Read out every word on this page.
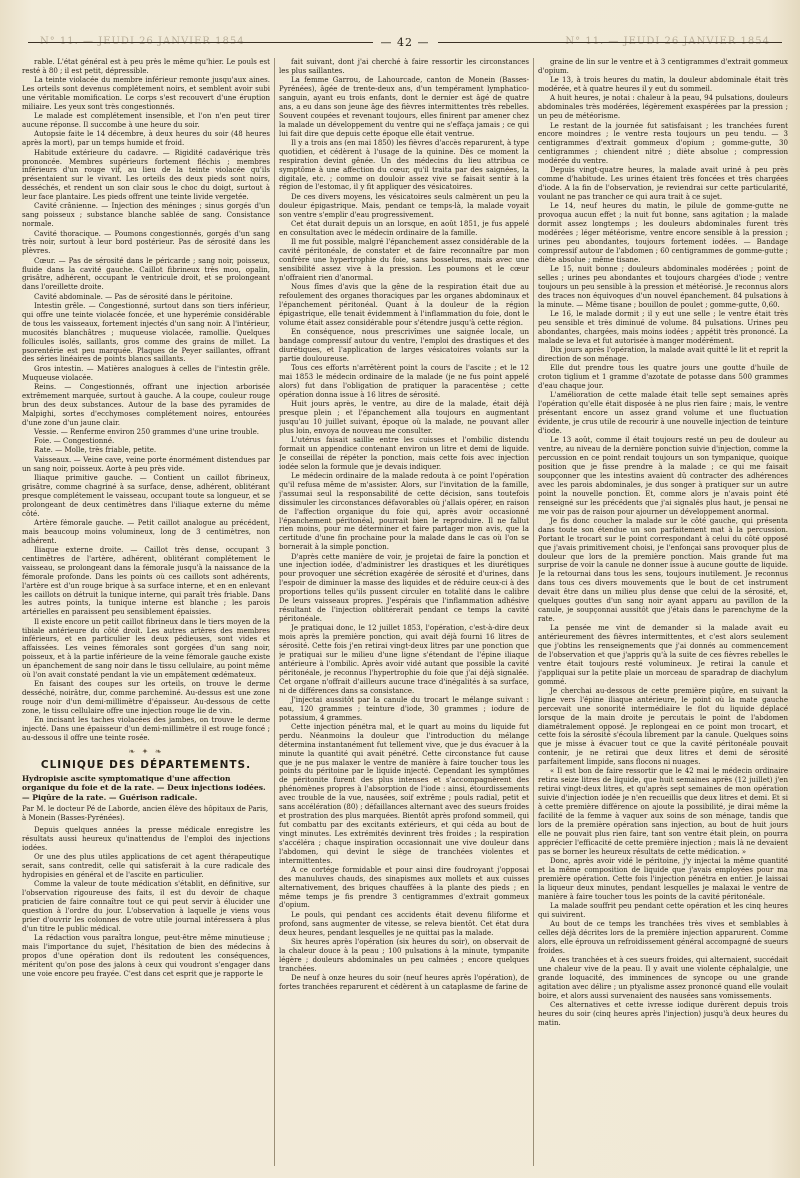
N° 11. — JEUDI 26 JANVIER 1854	N° 11. — JEUDI 26 JANVIER 1854
— 42 —

rable. L'état général est à peu près le même qu'hier. Le pouls est resté à 80 ; il est petit, dépressible.

La teinte violacée du membre inférieur remonte jusqu'aux aines. Les orteils sont devenus complétement noirs, et semblent avoir subi une véritable momification. Le corps s'est recouvert d'une éruption miliaire. Les yeux sont très congestionnés.

Le malade est complétement insensible, et l'on n'en peut tirer aucune réponse. Il succombe à une heure du soir.

Autopsie faite le 14 décembre, à deux heures du soir (48 heures après la mort), par un temps humide et froid.

Habitude extérieure du cadavre. — Rigidité cadavérique très prononcée. Membres supérieurs fortement fléchis ; membres inférieurs d'un rouge vif, au lieu de la teinte violacée qu'ils présentaient sur le vivant. Les orteils des deux pieds sont noirs, desséchés, et rendent un son clair sous le choc du doigt, surtout à leur face plantaire. Les pieds offrent une teinte livide vergetée.

Cavité crânienne. — Injection des méninges ; sinus gorgés d'un sang poisseux ; substance blanche sablée de sang. Consistance normale.

Cavité thoracique. — Poumons congestionnés, gorgés d'un sang très noir, surtout à leur bord postérieur. Pas de sérosité dans les plèvres.

Cœur. — Pas de sérosité dans le péricarde ; sang noir, poisseux, fluide dans la cavité gauche. Caillot fibrineux très mou, opalin, grisâtre, adhérent, occupant le ventricule droit, et se prolongeant dans l'oreillette droite.

Cavité abdominale. — Pas de sérosité dans le péritoine.

Intestin grêle. — Congestionné, surtout dans son tiers inférieur, qui offre une teinte violacée foncée, et une hyperémie considérable de tous les vaisseaux, fortement injectés d'un sang noir. A l'intérieur, mucosités blanchâtres ; muqueuse violacée, ramollie. Quelques follicules isolés, saillants, gros comme des grains de millet. La psorentérie est peu marquée. Plaques de Peyer saillantes, offrant des séries linéaires de points blancs saillants.

Gros intestin. — Matières analogues à celles de l'intestin grêle. Muqueuse violacée.

Reins. — Congestionnés, offrant une injection arborisée extrêmement marquée, surtout à gauche. A la coupe, couleur rouge brun des deux substances. Autour de la base des pyramides de Malpighi, sortes d'ecchymoses complétement noires, entourées d'une zone d'un jaune clair.

Vessie. — Renferme environ 250 grammes d'une urine trouble.

Foie. — Congestionné.

Rate. — Molle, très friable, petite.

Vaisseaux. — Veine cave, veine porte énormément distendues par un sang noir, poisseux. Aorte à peu près vide.

Iliaque primitive gauche. — Contient un caillot fibrineux, grisâtre, comme chagriné à sa surface, dense, adhérent, oblitérant presque complétement le vaisseau, occupant toute sa longueur, et se prolongeant de deux centimètres dans l'iliaque externe du même côté.

Artère fémorale gauche. — Petit caillot analogue au précédent, mais beaucoup moins volumineux, long de 3 centimètres, non adhérent.

Iliaque externe droite. — Caillot très dense, occupant 3 centimètres de l'artère, adhérent, oblitérant complétement le vaisseau, se prolongeant dans la fémorale jusqu'à la naissance de la fémorale profonde. Dans les points où ces caillots sont adhérents, l'artère est d'un rouge brique à sa surface interne, et en en enlevant les caillots on détruit la tunique interne, qui paraît très friable. Dans les autres points, la tunique interne est blanche ; les parois artérielles en paraissent peu sensiblement épaissies.

Il existe encore un petit caillot fibrineux dans le tiers moyen de la tibiale antérieure du côté droit. Les autres artères des membres inférieurs, et en particulier les deux pédieuses, sont vides et affaissées. Les veines fémorales sont gorgées d'un sang noir, poisseux, et à la partie inférieure de la veine fémorale gauche existe un épanchement de sang noir dans le tissu cellulaire, au point même où l'on avait constaté pendant la vie un empâtement œdémateux.

En faisant des coupes sur les orteils, on trouve le derme desséché, noirâtre, dur, comme parcheminé. Au-dessus est une zone rouge noir d'un demi-millimètre d'épaisseur. Au-dessous de cette zone, le tissu cellulaire offre une injection rouge lie de vin.

En incisant les taches violacées des jambes, on trouve le derme injecté. Dans une épaisseur d'un demi-millimètre il est rouge foncé ; au-dessous il offre une teinte rosée.

❧ ✦ ❧
CLINIQUE DES DÉPARTEMENTS.
Hydropisie ascite symptomatique d'une affection organique du foie et de la rate. — Deux injections iodées. — Piqûre de la rate. — Guérison radicale.
Par M. le docteur Pé de Laborde, ancien élève des hôpitaux de Paris, à Monein (Basses-Pyrénées).

Depuis quelques années la presse médicale enregistre les résultats aussi heureux qu'inattendus de l'emploi des injections iodées.

Or une des plus utiles applications de cet agent thérapeutique serait, sans contredit, celle qui satisferait à la cure radicale des hydropisies en général et de l'ascite en particulier.

Comme la valeur de toute médication s'établit, en définitive, sur l'observation rigoureuse des faits, il est du devoir de chaque praticien de faire connaître tout ce qui peut servir à élucider une question à l'ordre du jour. L'observation à laquelle je viens vous prier d'ouvrir les colonnes de votre utile journal intéressera à plus d'un titre le public médical.

La rédaction vous paraîtra longue, peut-être même minutieuse ; mais l'importance du sujet, l'hésitation de bien des médecins à propos d'une opération dont ils redoutent les conséquences, méritent qu'on pose des jalons à ceux qui voudront s'engager dans une voie encore peu frayée. C'est dans cet esprit que je rapporte le

fait suivant, dont j'ai cherché à faire ressortir les circonstances les plus saillantes.

La femme Garrou, de Lahourcade, canton de Monein (Basses-Pyrénées), âgée de trente-deux ans, d'un tempérament lymphatico-sanguin, ayant eu trois enfants, dont le dernier est âgé de quatre ans, a eu dans son jeune âge des fièvres intermittentes très rebelles. Souvent coupées et revenant toujours, elles finirent par amener chez la malade un développement du ventre qui ne s'effaça jamais ; ce qui lui fait dire que depuis cette époque elle était ventrue.

Il y a trois ans (en mai 1850) les fièvres d'accès reparurent, à type quotidien, et cédèrent à l'usage de la quinine. Dès ce moment la respiration devint gênée. Un des médecins du lieu attribua ce symptôme à une affection du cœur, qu'il traita par des saignées, la digitale, etc. ; comme on douloir assez vive se faisait sentir à la région de l'estomac, il y fit appliquer des vésicatoires.

De ces divers moyens, les vésicatoires seuls calmèrent un peu la douleur épigastrique. Mais, pendant ce temps-là, la malade voyait son ventre s'emplir d'eau progressivement.

Cet état durait depuis un an lorsque, en août 1851, je fus appelé en consultation avec le médecin ordinaire de la famille.

Il me fut possible, malgré l'épanchement assez considérable de la cavité péritonéale, de constater et de faire reconnaître par mon confrère une hypertrophie du foie, sans bosselures, mais avec une sensibilité assez vive à la pression. Les poumons et le cœur n'offraient rien d'anormal.

Nous fîmes d'avis que la gêne de la respiration était due au refoulement des organes thoraciques par les organes abdominaux et l'épanchement péritonéal. Quant à la douleur de la région épigastrique, elle tenait évidemment à l'inflammation du foie, dont le volume était assez considérable pour s'étendre jusqu'à cette région.

En conséquence, nous prescrivîmes une saignée locale, un bandage compressif autour du ventre, l'emploi des drastiques et des diurétiques, et l'application de larges vésicatoires volants sur la partie douloureuse.

Tous ces efforts n'arrêtèrent point la cours de l'ascite ; et le 12 mai 1853 le médecin ordinaire de la malade (je ne fus point appelé alors) fut dans l'obligation de pratiquer la paracentèse ; cette opération donna issue à 16 litres de sérosité.

Huit jours après, le ventre, au dire de la malade, était déjà presque plein ; et l'épanchement alla toujours en augmentant jusqu'au 10 juillet suivant, époque où la malade, ne pouvant aller plus loin, envoya de nouveau me consulter.

L'utérus faisait saillie entre les cuisses et l'ombilic distendu formait un appendice contenant environ un litre et demi de liquide. Je conseillai de répéter la ponction, mais cette fois avec injection iodée selon la formule que je devais indiquer.

Le médecin ordinaire de la malade redouta à ce point l'opération qu'il refusa même de m'assister. Alors, sur l'invitation de la famille, j'assumai seul la responsabilité de cette décision, sans toutefois dissimuler les circonstances défavorables où j'allais opérer, en raison de l'affection organique du foie qui, après avoir occasionné l'épanchement péritonéal, pourrait bien le reproduire. Il ne fallut rien moins, pour me déterminer et faire partager mon avis, que la certitude d'une fin prochaine pour la malade dans le cas où l'on se bornerait à la simple ponction.

D'après cette manière de voir, je projetai de faire la ponction et une injection iodée, d'administrer les drastiques et les diurétiques pour provoquer une sécrétion exagérée de sérosité et d'urines, dans l'espoir de diminuer la masse des liquides et de réduire ceux-ci à des proportions telles qu'ils pussent circuler en totalité dans le calibre De leurs vaisseaux propres. J'espérais que l'inflammation adhésive résultant de l'injection oblitérerait pendant ce temps la cavité péritonéale.

Je pratiquai donc, le 12 juillet 1853, l'opération, c'est-à-dire deux mois après la première ponction, qui avait déjà fourni 16 litres de sérosité. Cette fois j'en retirai vingt-deux litres par une ponction que je pratiquai sur le milieu d'une ligne s'étendant de l'épine iliaque antérieure à l'ombilic. Après avoir vidé autant que possible la cavité péritonéale, je reconnus l'hypertrophie du foie que j'ai déjà signalée. Cet organe n'offrait d'ailleurs aucune trace d'inégalités à sa surface, ni de différences dans sa consistance.

J'injectai aussitôt par la canule du trocart le mélange suivant : eau, 120 grammes ; teinture d'iode, 30 grammes ; iodure de potassium, 4 grammes.

Cette injection pénétra mal, et le quart au moins du liquide fut perdu. Néanmoins la douleur que l'introduction du mélange détermina instantanément fut tellement vive, que je dus évacuer à la minute la quantité qui avait pénétré. Cette circonstance fut cause que je ne pus malaxer le ventre de manière à faire toucher tous les points du péritoine par le liquide injecté. Cependant les symptômes de péritonite furent des plus intenses et s'accompagnèrent des phénomènes propres à l'absorption de l'iode : ainsi, étourdissements avec trouble de la vue, nausées, soif extrême ; pouls radial, petit et sans accélération (80) ; défaillances alternant avec des sueurs froides et prostration des plus marquées. Bientôt après profond sommeil, qui fut combattu par des excitants extérieurs, et qui céda au bout de vingt minutes. Les extrémités devinrent très froides ; la respiration s'accéléra ; chaque inspiration occasionnait une vive douleur dans l'abdomen, qui devint le siège de tranchées violentes et intermittentes.

A ce cortége formidable et pour ainsi dire foudroyant j'opposai des manuluves chauds, des sinapismes aux mollets et aux cuisses alternativement, des briques chauffées à la plante des pieds ; en même temps je fis prendre 3 centigrammes d'extrait gommeux d'opium.

Le pouls, qui pendant ces accidents était devenu filiforme et profond, sans augmenter de vitesse, se releva bientôt. Cet état dura deux heures, pendant lesquelles je ne quittai pas la malade.

Six heures après l'opération (six heures du soir), on observait de la chaleur douce à la peau ; 100 pulsations à la minute, tympanite légère ; douleurs abdominales un peu calmées ; encore quelques tranchées.

De neuf à onze heures du soir (neuf heures après l'opération), de fortes tranchées reparurent et cédèrent à un cataplasme de farine de

graine de lin sur le ventre et à 3 centigrammes d'extrait gommeux d'opium.

Le 13, à trois heures du matin, la douleur abdominale était très modérée, et à quatre heures il y eut du sommeil.

A huit heures, je notai : chaleur à la peau, 94 pulsations, douleurs abdominales très modérées, légèrement exaspérées par la pression ; un peu de météorisme.

Le restant de la journée fut satisfaisant ; les tranchées furent encore moindres ; le ventre resta toujours un peu tendu. — 3 centigrammes d'extrait gommeux d'opium ; gomme-gutte, 30 centigrammes ; chiendent nitré ; diète absolue ; compression modérée du ventre.

Depuis vingt-quatre heures, la malade avait uriné à peu près comme d'habitude. Les urines étaient très foncées et très chargées d'iode. A la fin de l'observation, je reviendrai sur cette particularité, voulant ne pas trancher ce qui aura trait à ce sujet.

Le 14, neuf heures du matin, le pilule de gomme-gutte ne provoqua aucun effet ; la nuit fut bonne, sans agitation ; la malade dormit assez longtemps ; les douleurs abdominales furent très modérées ; léger météorisme, ventre encore sensible à la pression ; urines peu abondantes, toujours fortement iodées. — Bandage compressif autour de l'abdomen ; 60 centigrammes de gomme-gutte ; diète absolue ; même tisane.

Le 15, nuit bonne ; douleurs abdominales modérées ; point de selles ; urines peu abondantes et toujours chargées d'iode ; ventre toujours un peu sensible à la pression et météorisé. Je reconnus alors des traces non équivoques d'un nouvel épanchement. 84 pulsations à la minute. — Même tisane ; bouillon de poulet ; gomme-gutte, 0,60.

Le 16, le malade dormit ; il y eut une selle ; le ventre était très peu sensible et très diminué de volume. 84 pulsations. Urines peu abondantes, chargées, mais moins iodées ; appétit très prononcé. La malade se leva et fut autorisée à manger modérément.

Dix jours après l'opération, la malade avait quitté le lit et reprit la direction de son ménage.

Elle dut prendre tous les quatre jours une goutte d'huile de croton tiglium et 1 gramme d'azotate de potasse dans 500 grammes d'eau chaque jour.

L'amélioration de cette malade était telle sept semaines après l'opération qu'elle était disposée à ne plus rien faire ; mais, le ventre présentant encore un assez grand volume et une fluctuation évidente, je crus utile de recourir à une nouvelle injection de teinture d'iode.

Le 13 août, comme il était toujours resté un peu de douleur au ventre, au niveau de la dernière ponction suivie d'injection, comme la percussion en ce point rendait toujours un son tympanique, quoique position que je fisse prendre à la malade ; ce qui me faisait soupçonner que les intestins avaient dû contracter des adhérences avec les parois abdominales, je dus songer à pratiquer sur un autre point la nouvelle ponction. Et, comme alors je n'avais point été renseigné sur les précédents que j'ai signalés plus haut, je pensai ne me voir pas de raison pour ajourner un développement anormal.

Je fis donc coucher la malade sur le côté gauche, qui présenta dans toute son étendue un son parfaitement mat à la percussion. Portant le trocart sur le point correspondant à celui du côté opposé que j'avais primitivement choisi, je l'enfonçai sans provoquer plus de douleur que lors de la première ponction. Mais grande fut ma surprise de voir la canule ne donner issue à aucune goutte de liquide. Je la retournai dans tous les sens, toujours inutilement. Je reconnus dans tous ces divers mouvements que le bout de cet instrument devait être dans un milieu plus dense que celui de la sérosité, et, quelques gouttes d'un sang noir ayant apparu au pavillon de la canule, je soupçonnai aussitôt que j'étais dans le parenchyme de la rate.

La pensée me vint de demander si la malade avait eu antérieurement des fièvres intermittentes, et c'est alors seulement que j'obtins les renseignements que j'ai donnés au commencement de l'observation et que j'appris qu'à la suite de ces fièvres rebelles le ventre était toujours resté volumineux. Je retirai la canule et j'appliquai sur la petite plaie un morceau de sparadrap de diachylum gommé.

Je cherchai au-dessous de cette première piqûre, en suivant la ligne vers l'épine iliaque antérieure, le point où la mate gauche percevait une sonorité intermédiaire le flot du liquide déplacé lorsque de la main droite je percutais le point de l'abdomen diamétralement opposé. Je replongeai en ce point mon trocart, et cette fois la sérosité s'écoula librement par la canule. Quelques soins que je misse à évacuer tout ce que la cavité péritonéale pouvait contenir, je ne retirai que deux litres et demi de sérosité parfaitement limpide, sans flocons ni nuages.

« Il est bon de faire ressortir que le 42 mai le médecin ordinaire retira seize litres de liquide, que huit semaines après (12 juillet) j'en retirai vingt-deux litres, et qu'après sept semaines de mon opération suivie d'injection iodée je n'en recueillis que deux litres et demi. Et si à cette première différence on ajoute la possibilité, je dirai même la facilité de la femme à vaquer aux soins de son ménage, tandis que lors de la première opération sans injection, au bout de huit jours elle ne pouvait plus rien faire, tant son ventre était plein, on pourra apprécier l'efficacité de cette première injection ; mais là ne devaient pas se borner les heureux résultats de cette médication. »

Donc, après avoir vidé le péritoine, j'y injectai la même quantité et la même composition de liquide que j'avais employées pour ma première opération. Cette fois l'injection pénétra en entier. Je laissai la liqueur deux minutes, pendant lesquelles je malaxai le ventre de manière à faire toucher tous les points de la cavité péritonéale.

La malade souffrit peu pendant cette opération et les cinq heures qui suivirent.

Au bout de ce temps les tranchées très vives et semblables à celles déjà décrites lors de la première injection apparurent. Comme alors, elle éprouva un refroidissement général accompagné de sueurs froides.

A ces tranchées et à ces sueurs froides, qui alternaient, succédait une chaleur vive de la peau. Il y avait une violente céphalalgie, une grande loquacité, des imminences de syncope ou une grande agitation avec délire ; un ptyalisme assez prononcé quand elle voulait boire, et alors aussi survenaient des nausées sans vomissements.

Ces alternatives et cette ivresse iodique durèrent depuis trois heures du soir (cinq heures après l'injection) jusqu'à deux heures du matin.
